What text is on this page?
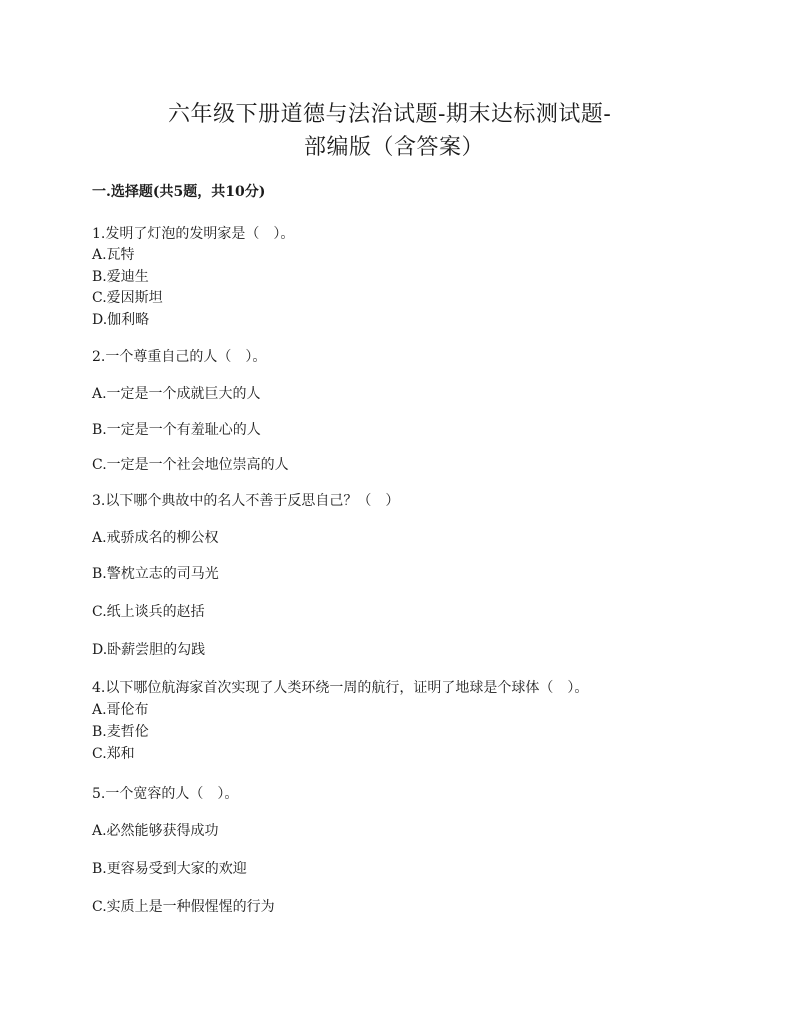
六年级下册道德与法治试题-期末达标测试题-
部编版（含答案）
一.选择题(共5题，共10分)
1.发明了灯泡的发明家是（　）。
A.瓦特
B.爱迪生
C.爱因斯坦
D.伽利略
2.一个尊重自己的人（　）。
A.一定是一个成就巨大的人
B.一定是一个有羞耻心的人
C.一定是一个社会地位崇高的人
3.以下哪个典故中的名人不善于反思自己？（　）
A.戒骄成名的柳公权
B.警枕立志的司马光
C.纸上谈兵的赵括
D.卧薪尝胆的勾践
4.以下哪位航海家首次实现了人类环绕一周的航行，证明了地球是个球体（　）。
A.哥伦布
B.麦哲伦
C.郑和
5.一个宽容的人（　）。
A.必然能够获得成功
B.更容易受到大家的欢迎
C.实质上是一种假惺惺的行为
